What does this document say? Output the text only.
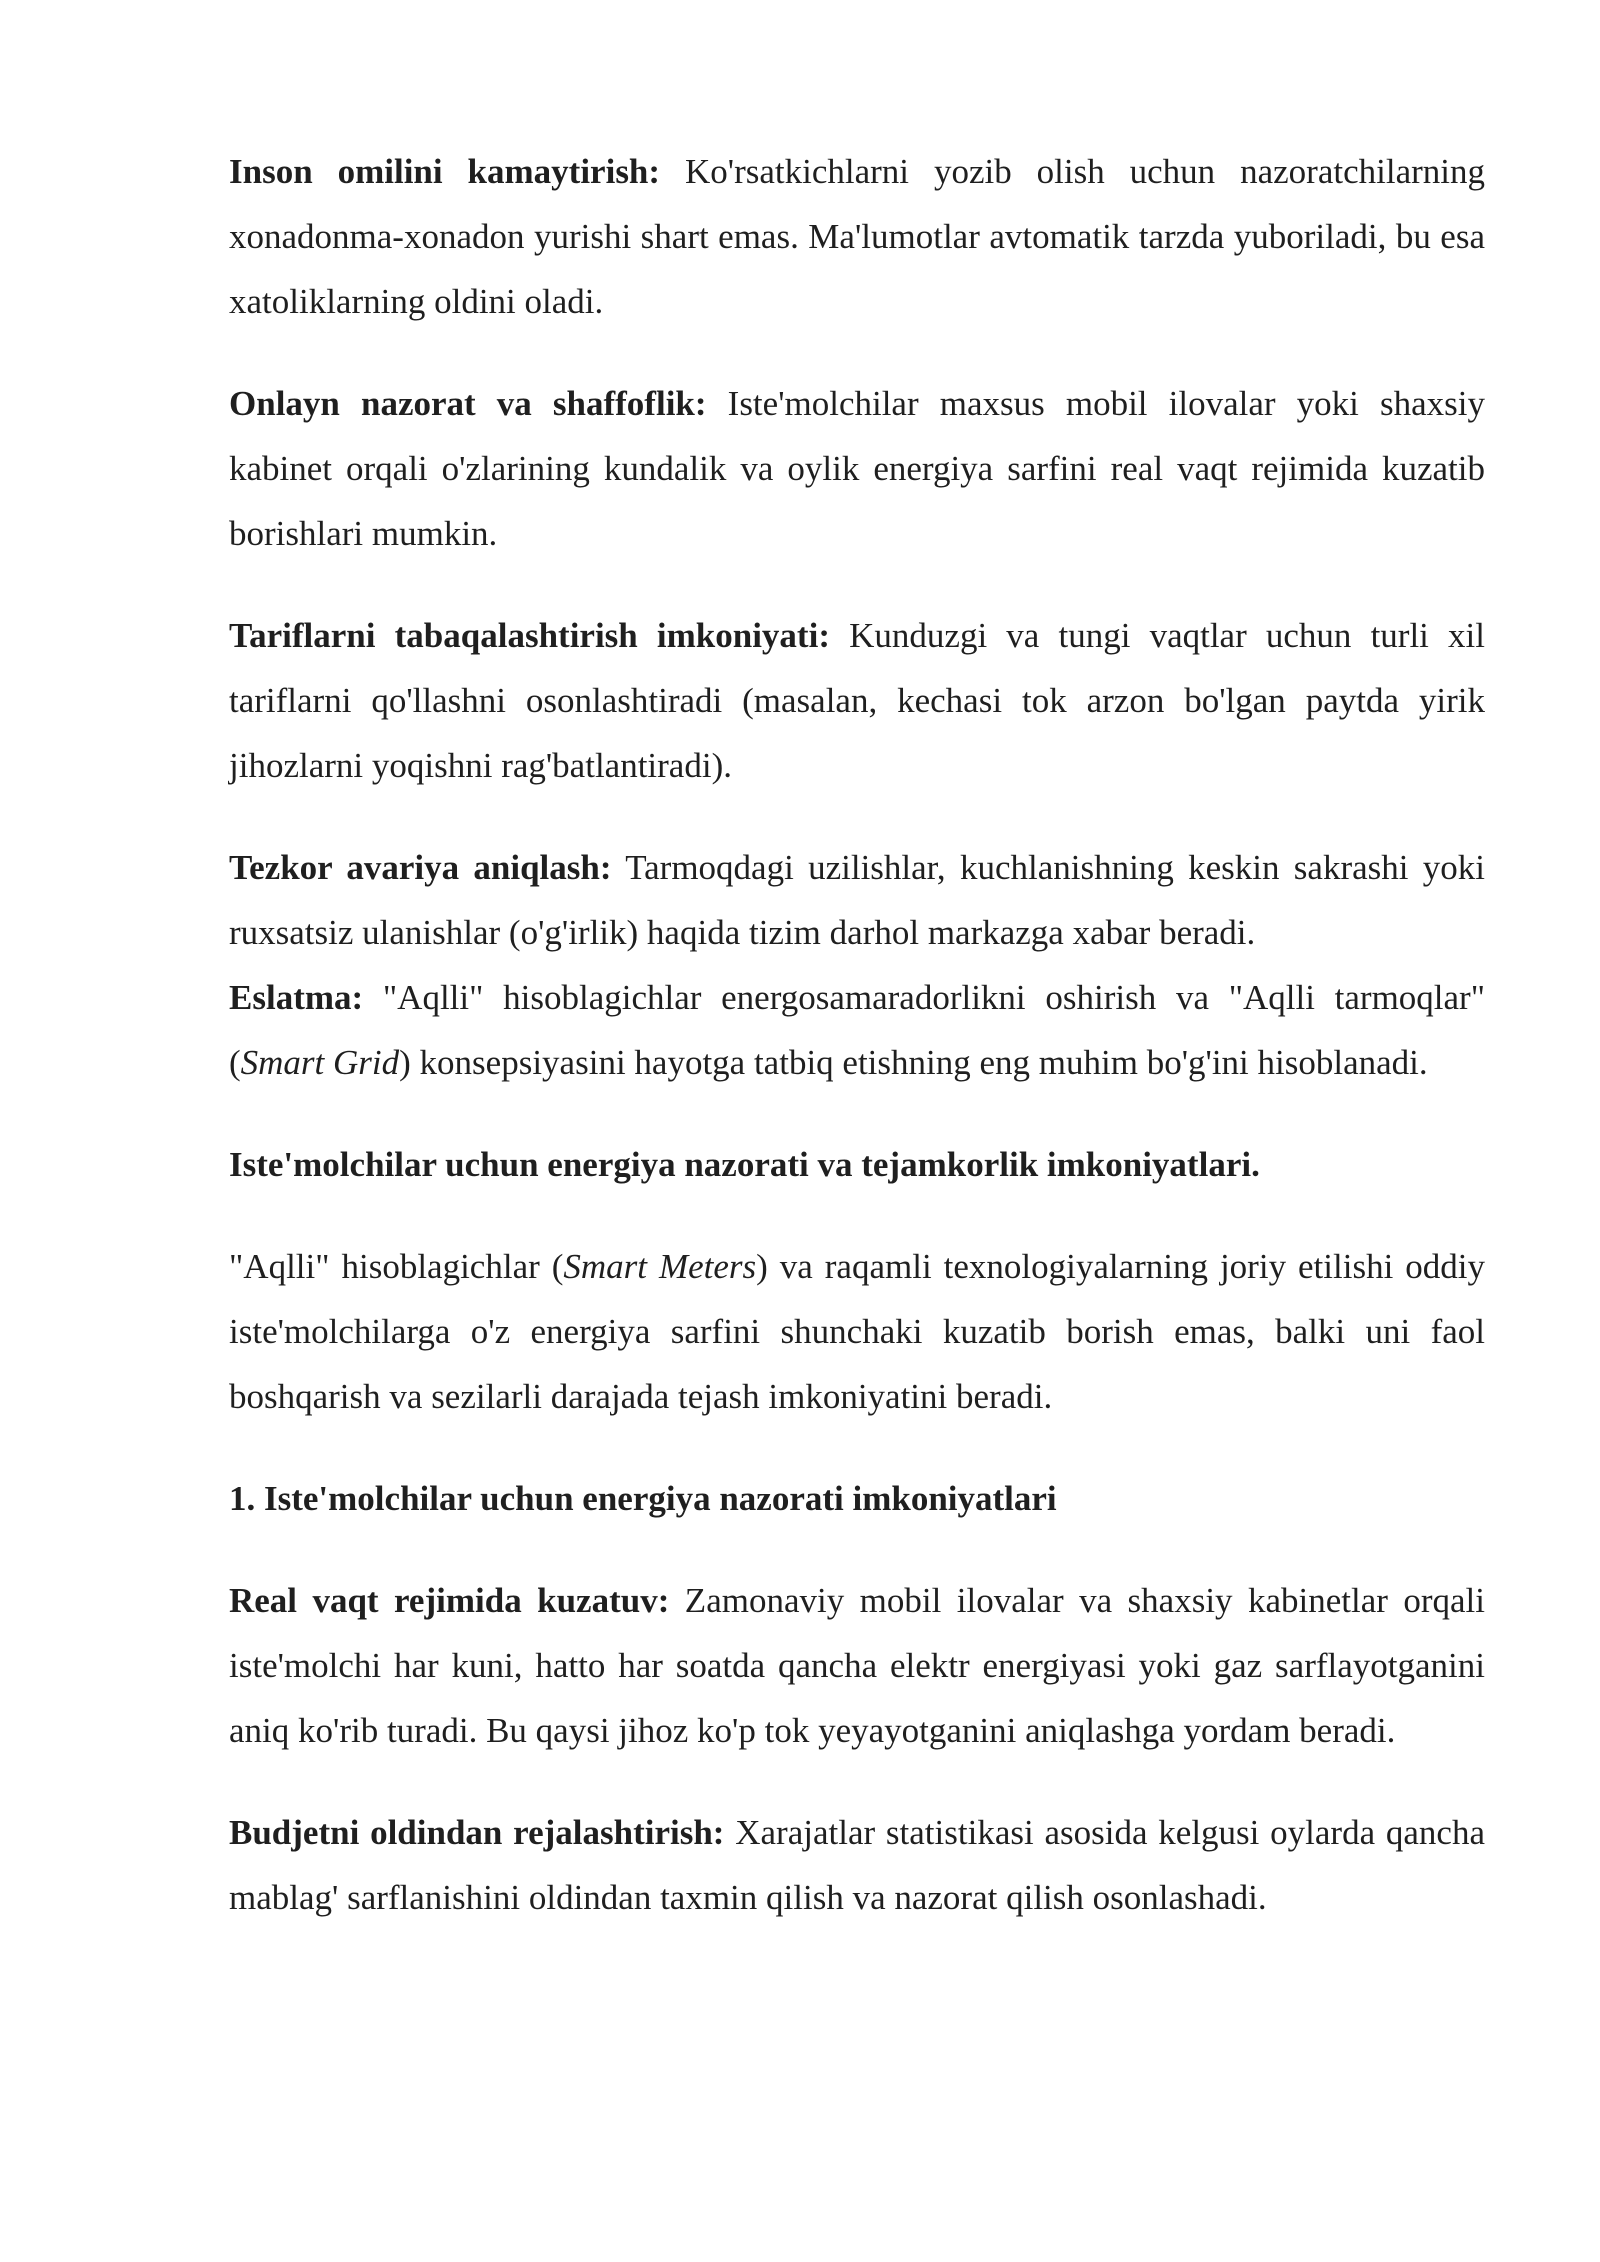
Inson omilini kamaytirish: Ko'rsatkichlarni yozib olish uchun nazoratchilarning xonadonma-xonadon yurishi shart emas. Ma'lumotlar avtomatik tarzda yuboriladi, bu esa xatoliklarning oldini oladi.

Onlayn nazorat va shaffoflik: Iste'molchilar maxsus mobil ilovalar yoki shaxsiy kabinet orqali o'zlarining kundalik va oylik energiya sarfini real vaqt rejimida kuzatib borishlari mumkin.

Tariflarni tabaqalashtirish imkoniyati: Kunduzgi va tungi vaqtlar uchun turli xil tariflarni qo'llashni osonlashtiradi (masalan, kechasi tok arzon bo'lgan paytda yirik jihozlarni yoqishni rag'batlantiradi).

Tezkor avariya aniqlash: Tarmoqdagi uzilishlar, kuchlanishning keskin sakrashi yoki ruxsatsiz ulanishlar (o'g'irlik) haqida tizim darhol markazga xabar beradi.

Eslatma: "Aqlli" hisoblagichlar energosamaradorlikni oshirish va "Aqlli tarmoqlar" (Smart Grid) konsepsiyasini hayotga tatbiq etishning eng muhim bo'g'ini hisoblanadi.

Iste'molchilar uchun energiya nazorati va tejamkorlik imkoniyatlari.

"Aqlli" hisoblagichlar (Smart Meters) va raqamli texnologiyalarning joriy etilishi oddiy iste'molchilarga o'z energiya sarfini shunchaki kuzatib borish emas, balki uni faol boshqarish va sezilarli darajada tejash imkoniyatini beradi.

1. Iste'molchilar uchun energiya nazorati imkoniyatlari

Real vaqt rejimida kuzatuv: Zamonaviy mobil ilovalar va shaxsiy kabinetlar orqali iste'molchi har kuni, hatto har soatda qancha elektr energiyasi yoki gaz sarflayotganini aniq ko'rib turadi. Bu qaysi jihoz ko'p tok yeyayotganini aniqlashga yordam beradi.

Budjetni oldindan rejalashtirish: Xarajatlar statistikasi asosida kelgusi oylarda qancha mablag' sarflanishini oldindan taxmin qilish va nazorat qilish osonlashadi.
